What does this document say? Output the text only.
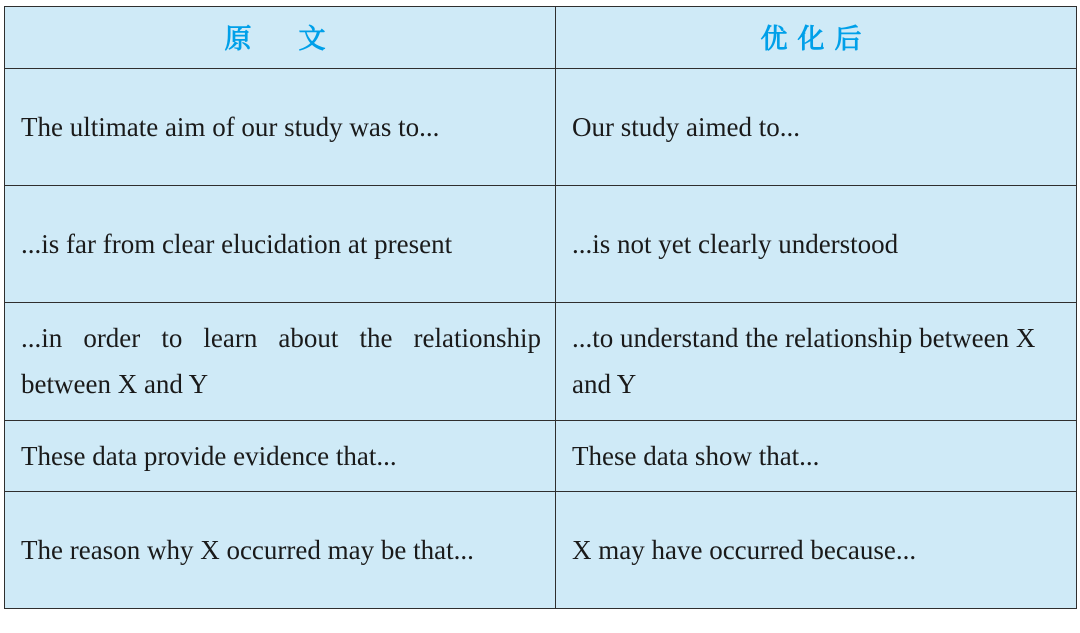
原　文	优化后
The ultimate aim of our study was to...	Our study aimed to...
...is far from clear elucidation at present	...is not yet clearly understood
...in order to learn about the relationship between X and Y	...to understand the relationship between X and Y
These data provide evidence that...	These data show that...
The reason why X occurred may be that...	X may have occurred because...
